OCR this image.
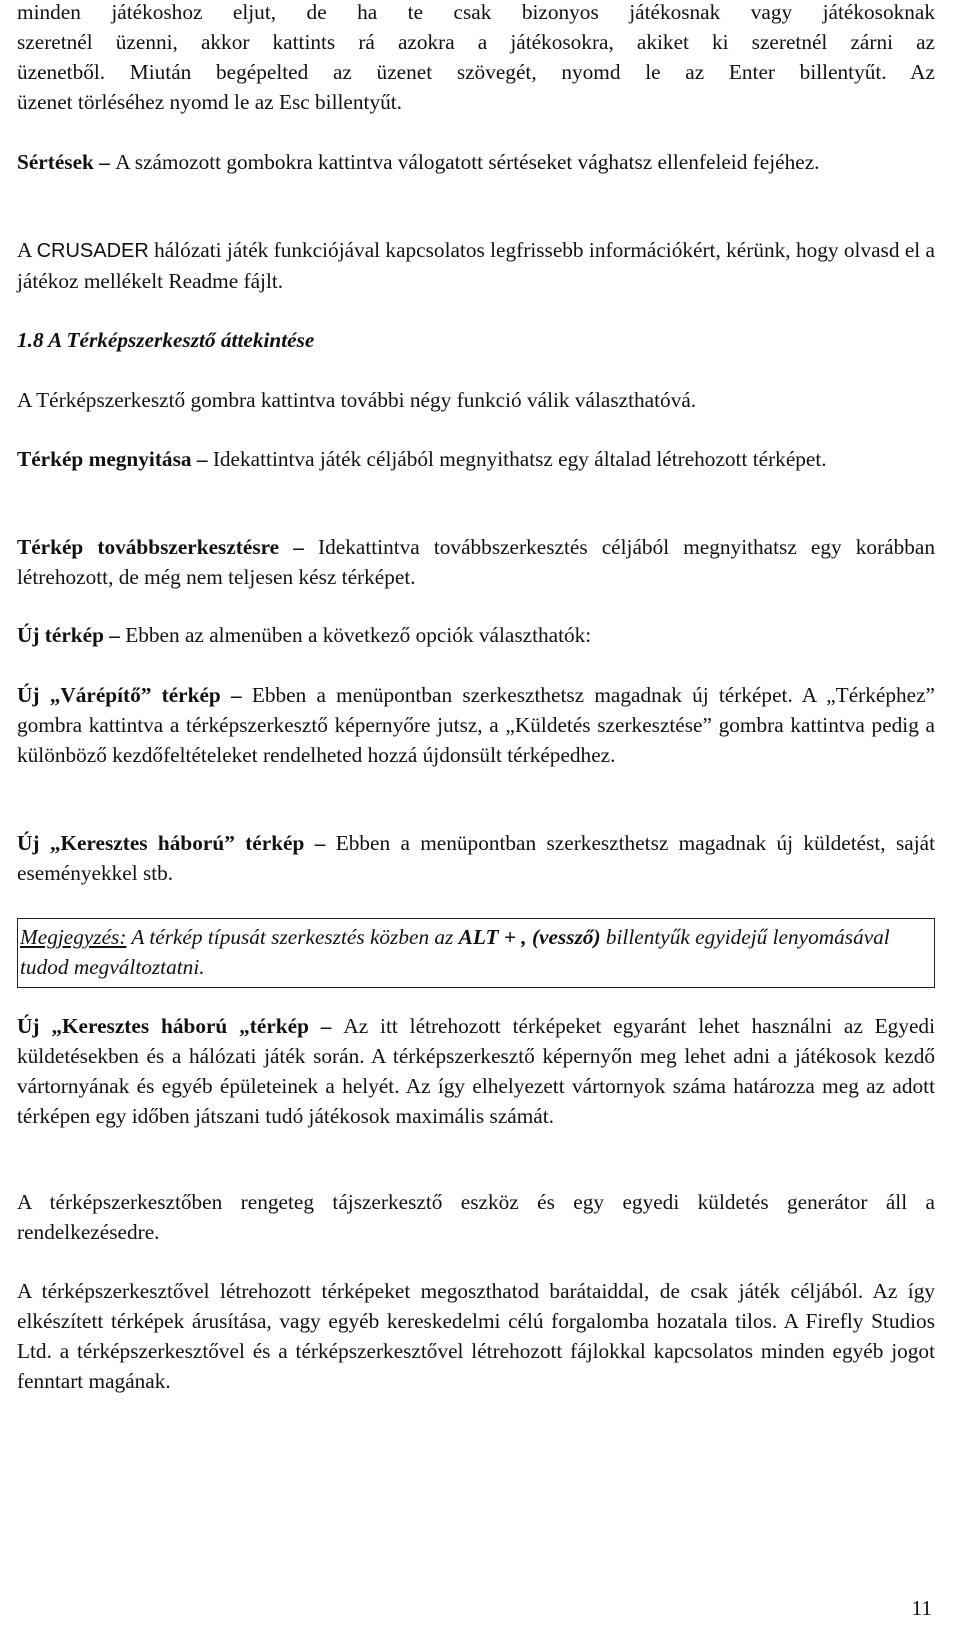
minden játékoshoz eljut, de ha te csak bizonyos játékosnak vagy játékosoknak

szeretnél üzenni, akkor kattints rá azokra a játékosokra, akiket ki szeretnél zárni az

üzenetből. Miután begépelted az üzenet szövegét, nyomd le az Enter billentyűt. Az

üzenet törléséhez nyomd le az Esc billentyűt.

Sértések – A számozott gombokra kattintva válogatott sértéseket vághatsz ellenfeleid fejéhez.

A CRUSADER hálózati játék funkciójával kapcsolatos legfrissebb információkért, kérünk, hogy olvasd el a játékoz mellékelt Readme fájlt.

1.8 A Térképszerkesztő áttekintése

A Térképszerkesztő gombra kattintva további négy funkció válik választhatóvá.

Térkép megnyitása – Idekattintva játék céljából megnyithatsz egy általad létrehozott térképet.

Térkép továbbszerkesztésre – Idekattintva továbbszerkesztés céljából megnyithatsz egy korábban létrehozott, de még nem teljesen kész térképet.

Új térkép – Ebben az almenüben a következő opciók választhatók:

Új „Várépítő” térkép – Ebben a menüpontban szerkeszthetsz magadnak új térképet. A „Térképhez” gombra kattintva a térképszerkesztő képernyőre jutsz, a „Küldetés szerkesztése” gombra kattintva pedig a különböző kezdőfeltételeket rendelheted hozzá újdonsült térképedhez.

Új „Keresztes háború” térkép – Ebben a menüpontban szerkeszthetsz magadnak új küldetést, saját eseményekkel stb.

Új „Keresztes háború „térkép – Az itt létrehozott térképeket egyaránt lehet használni az Egyedi küldetésekben és a hálózati játék során. A térképszerkesztő képernyőn meg lehet adni a játékosok kezdő vártornyának és egyéb épületeinek a helyét. Az így elhelyezett vártornyok száma határozza meg az adott térképen egy időben játszani tudó játékosok maximális számát.

A térképszerkesztőben rengeteg tájszerkesztő eszköz és egy egyedi küldetés generátor áll a rendelkezésedre.

A térképszerkesztővel létrehozott térképeket megoszthatod barátaiddal, de csak játék céljából. Az így elkészített térképek árusítása, vagy egyéb kereskedelmi célú forgalomba hozatala tilos. A Firefly Studios Ltd. a térképszerkesztővel és a térképszerkesztővel létrehozott fájlokkal kapcsolatos minden egyéb jogot fenntart magának.

Megjegyzés: A térkép típusát szerkesztés közben az ALT + , (vessző) billentyűk egyidejű lenyomásával tudod megváltoztatni.

11
